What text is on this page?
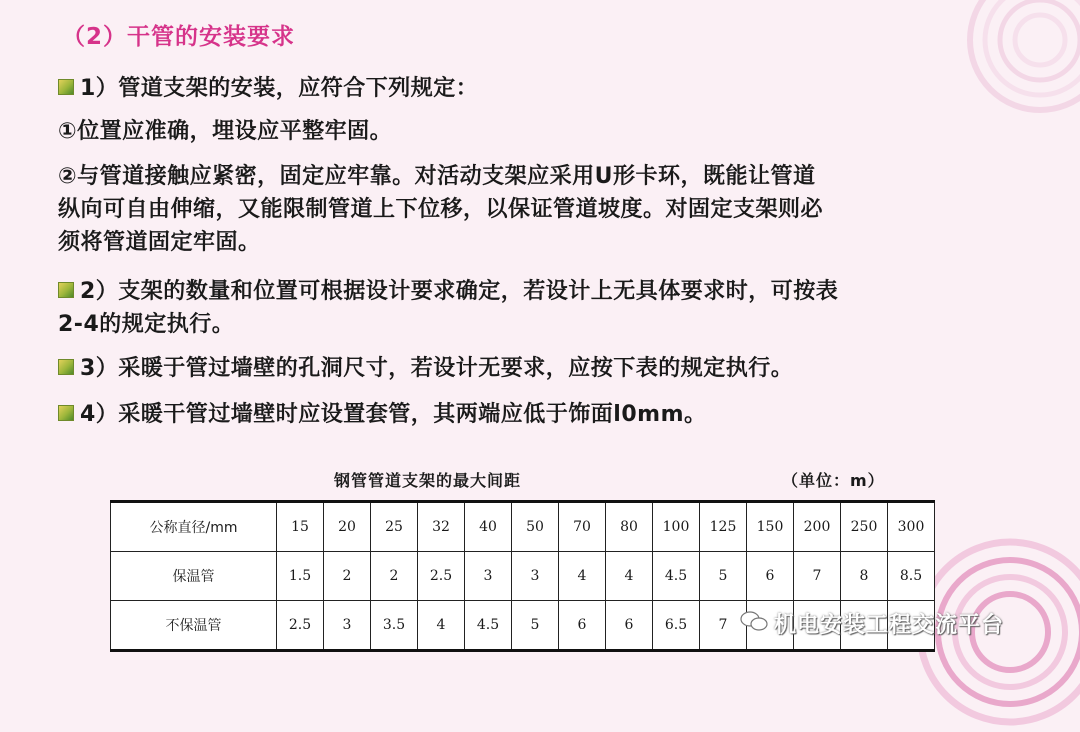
（2）干管的安装要求
1）管道支架的安装，应符合下列规定：
①位置应准确，埋设应平整牢固。
②与管道接触应紧密，固定应牢靠。对活动支架应采用U形卡环，既能让管道
纵向可自由伸缩，又能限制管道上下位移，以保证管道坡度。对固定支架则必
须将管道固定牢固。
2）支架的数量和位置可根据设计要求确定，若设计上无具体要求时，可按表
2-4的规定执行。
3）采暖于管过墙壁的孔洞尺寸，若设计无要求，应按下表的规定执行。
4）采暖干管过墙壁时应设置套管，其两端应低于饰面l0mm。
钢管管道支架的最大间距	（单位：m）
公称直径/mm	15	20	25	32	40	50	70	80	100	125	150	200	250	300
保温管	1.5	2	2	2.5	3	3	4	4	4.5	5	6	7	8	8.5
不保温管	2.5	3	3.5	4	4.5	5	6	6	6.5	7					机电安装工程交流平台
